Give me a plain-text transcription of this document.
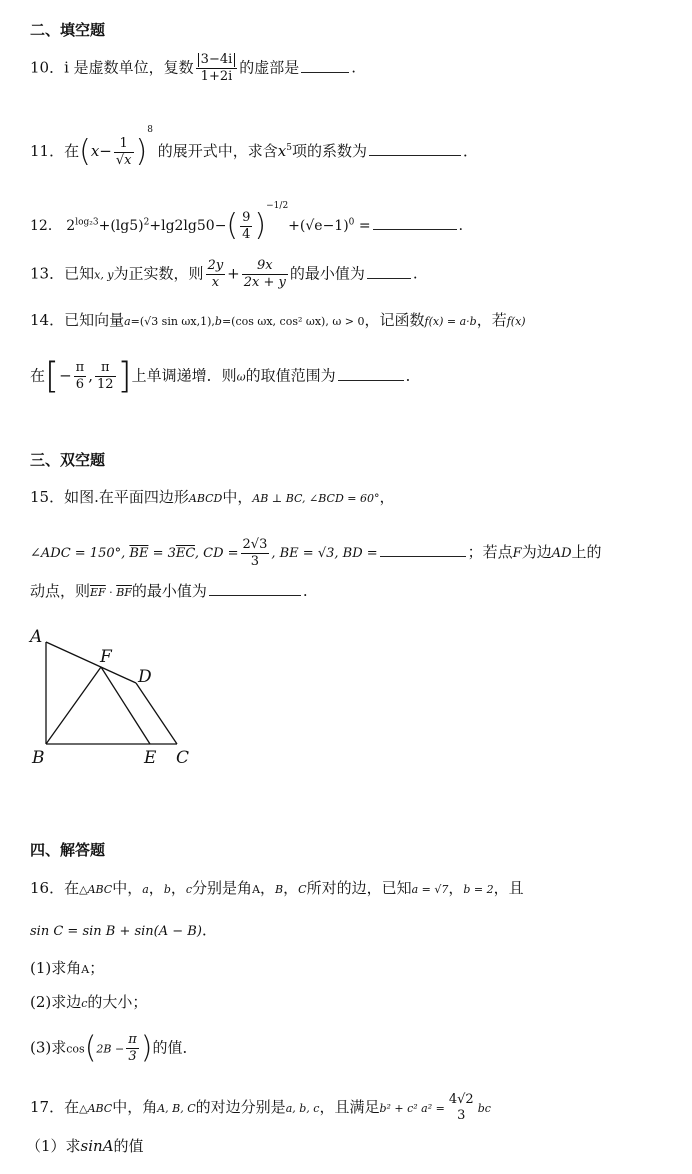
二、填空题
10．i 是虚数单位，复数 $\frac{3-4i}{1+2i}$ 的虚部是	.
11．在$(x- \frac{1}{√x} )^8$ 的展开式中，求含$x^5$项的系数为	．
12． $2^{log_23}+(\lg 5)^2+\lg 2\lg 50-( \frac{9}{4} )^{-1/2}+(√e-1)^0$ =	．
13．已知x, y为正实数，则 $\frac{2y}{x} + \frac{9x}{2x + y}$ 的最小值为	.
14．已知向量a=(√3 sin ωx,1),b=(cos ωx, cos² ωx), ω > 0，记函数f(x) = a·b，若f(x)
在[− $\frac{\pi}{6}$ , $\frac{\pi}{12}$ ]上单调递增．则ω的取值范围为	．
三、双空题
15．如图.在平面四边形ABCD中，AB ⊥ BC, ∠BCD = 60°，
∠ADC = 150°, $\overline{BE} = 3\overline{EC}$, CD = $\frac{2√3}{3}$ , BE = √3, BD =	；若点F为边AD上的
动点，则$\overline{EF} \cdot \overline{BF}$的最小值为	.
A
F
D
B	E C
四、解答题
16．在△ABC中，a，b，c分别是角A，B，C所对的边，已知a = √7，b = 2，且
sin C = sin B + sin(A − B)．
(1)求角A；
(2)求边c的大小；
(3)求$\cos(2B - \frac{\pi}{3}$ )的值．
17．在△ABC中，角A, B, C的对边分别是a, b, c，且满足b² + c² a² =
4√2
3	bc
（1）求sinA的值
